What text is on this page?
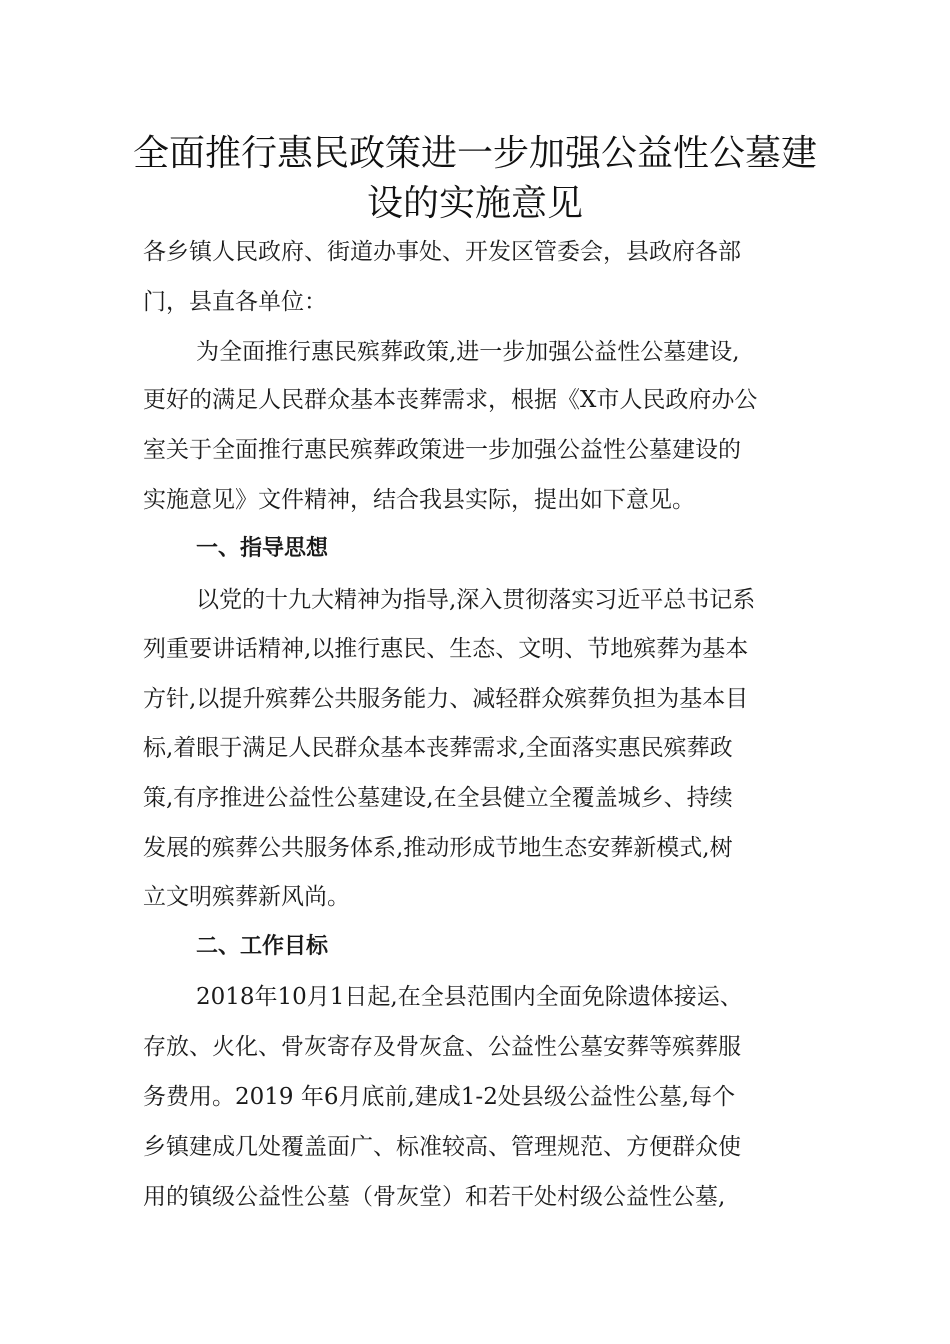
全面推行惠民政策进一步加强公益性公墓建
设的实施意见
各乡镇人民政府、街道办事处、开发区管委会，县政府各部
门，县直各单位：
为全面推行惠民殡葬政策,进一步加强公益性公墓建设,
更好的满足人民群众基本丧葬需求，根据《X市人民政府办公
室关于全面推行惠民殡葬政策进一步加强公益性公墓建设的
实施意见》文件精神，结合我县实际，提出如下意见。
一、指导思想
以党的十九大精神为指导,深入贯彻落实习近平总书记系
列重要讲话精神,以推行惠民、生态、文明、节地殡葬为基本
方针,以提升殡葬公共服务能力、减轻群众殡葬负担为基本目
标,着眼于满足人民群众基本丧葬需求,全面落实惠民殡葬政
策,有序推进公益性公墓建设,在全县健立全覆盖城乡、持续
发展的殡葬公共服务体系,推动形成节地生态安葬新模式,树
立文明殡葬新风尚。
二、工作目标
2018年10月1日起,在全县范围内全面免除遗体接运、
存放、火化、骨灰寄存及骨灰盒、公益性公墓安葬等殡葬服
务费用。2019 年6月底前,建成1-2处县级公益性公墓,每个
乡镇建成几处覆盖面广、标准较高、管理规范、方便群众使
用的镇级公益性公墓（骨灰堂）和若干处村级公益性公墓,
